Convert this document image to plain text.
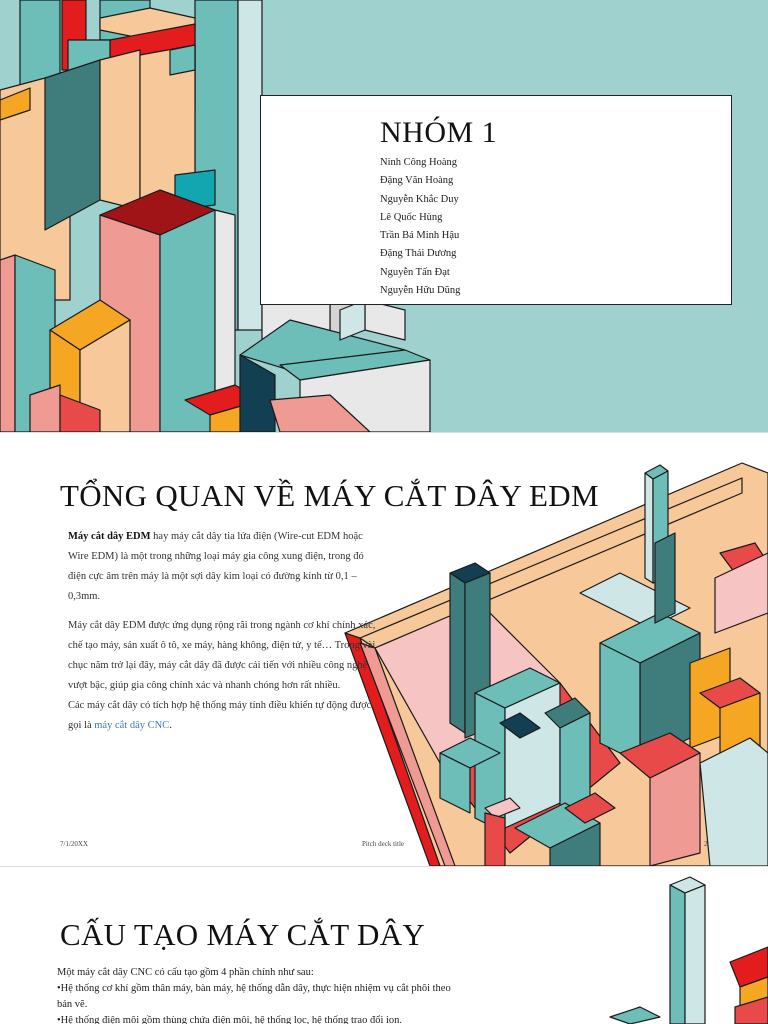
NHÓM 1
Ninh Công Hoàng
Đặng Văn Hoàng
Nguyễn Khắc Duy
Lê Quốc Hùng
Trần Bá Minh Hậu
Đặng Thái Dương
Nguyễn Tấn Đạt
Nguyễn Hữu Dũng
TỔNG QUAN VỀ MÁY CẮT DÂY EDM

Máy cắt dây EDM hay máy cắt dây tia lửa điện (Wire-cut EDM hoặc Wire EDM) là một trong những loại máy gia công xung điện, trong đó điện cực âm trên máy là một sợi dây kim loại có đường kính từ 0,1 – 0,3mm.

Máy cắt dây EDM được ứng dụng rộng rãi trong ngành cơ khí chính xác, chế tạo máy, sản xuất ô tô, xe máy, hàng không, điện tử, y tế… Trong vài chục năm trở lại đây, máy cắt dây đã được cải tiến với nhiều công nghệ vượt bậc, giúp gia công chính xác và nhanh chóng hơn rất nhiều.

Các máy cắt dây có tích hợp hệ thống máy tính điều khiển tự động được gọi là máy cắt dây CNC.

7/1/20XX	Pitch deck title	2
CẤU TẠO MÁY CẮT DÂY

Một máy cắt dây CNC có cấu tạo gồm 4 phần chính như sau:

•Hệ thống cơ khí gồm thân máy, bàn máy, hệ thống dẫn dây, thực hiện nhiệm vụ cắt phôi theo bản vẽ.

•Hệ thống điện môi gồm thùng chứa điện môi, hệ thống lọc, hệ thống trao đổi ion.
